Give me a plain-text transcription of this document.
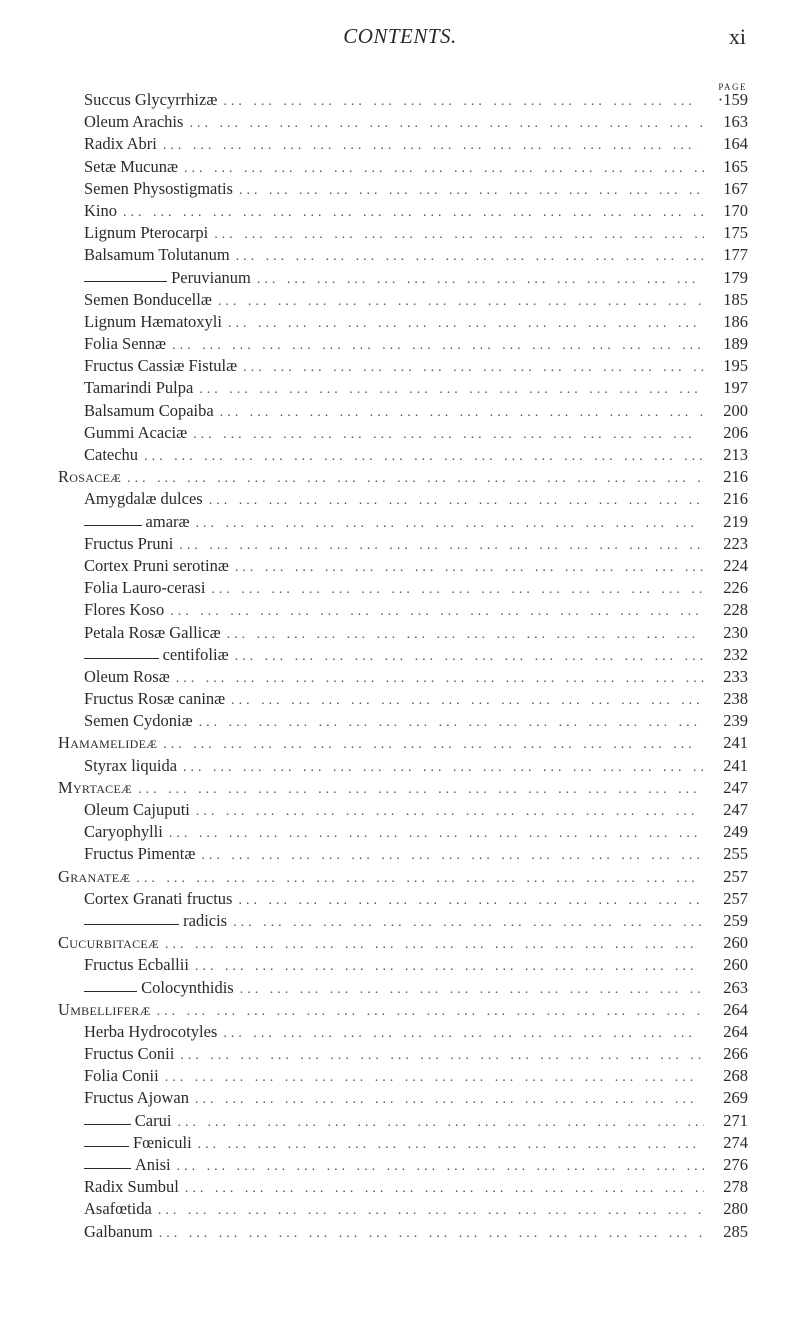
CONTENTS.	xi
PAGE
Succus Glycyrrhizæ ... .	·159
Oleum Arachis ... .	163
Radix Abri ... .	164
Setæ Mucunæ ... .	165
Semen Physostigmatis ... .	167
Kino ... .	170
Lignum Pterocarpi ... .	175
Balsamum Tolutanum ... .	177
Peruvianum ... .	179
Semen Bonducellæ ... .	185
Lignum Hæmatoxyli ... .	186
Folia Sennæ ... .	189
Fructus Cassiæ Fistulæ ... .	195
Tamarindi Pulpa ... .	197
Balsamum Copaiba ... .	200
Gummi Acaciæ ... .	206
Catechu ... .	213
Rosaceæ ... .	216
Amygdalæ dulces ... .	216
amaræ ... .	219
Fructus Pruni ... .	223
Cortex Pruni serotinæ ... .	224
Folia Lauro-cerasi ... .	226
Flores Koso ... .	228
Petala Rosæ Gallicæ ... .	230
centifoliæ ... .	232
Oleum Rosæ ... .	233
Fructus Rosæ caninæ ... .	238
Semen Cydoniæ ... .	239
Hamamelideæ ... .	241
Styrax liquida ... .	241
Myrtaceæ ... .	247
Oleum Cajuputi ... .	247
Caryophylli ... .	249
Fructus Pimentæ ... .	255
Granateæ ... .	257
Cortex Granati fructus ... .	257
radicis ... .	259
Cucurbitaceæ ... .	260
Fructus Ecballii ... .	260
Colocynthidis ... .	263
Umbelliferæ ... .	264
Herba Hydrocotyles ... .	264
Fructus Conii ... .	266
Folia Conii ... .	268
Fructus Ajowan ... .	269
Carui ... .	271
Fœniculi ... .	274
Anisi ... .	276
Radix Sumbul ... .	278
Asafœtida ... .	280
Galbanum ... .	285
